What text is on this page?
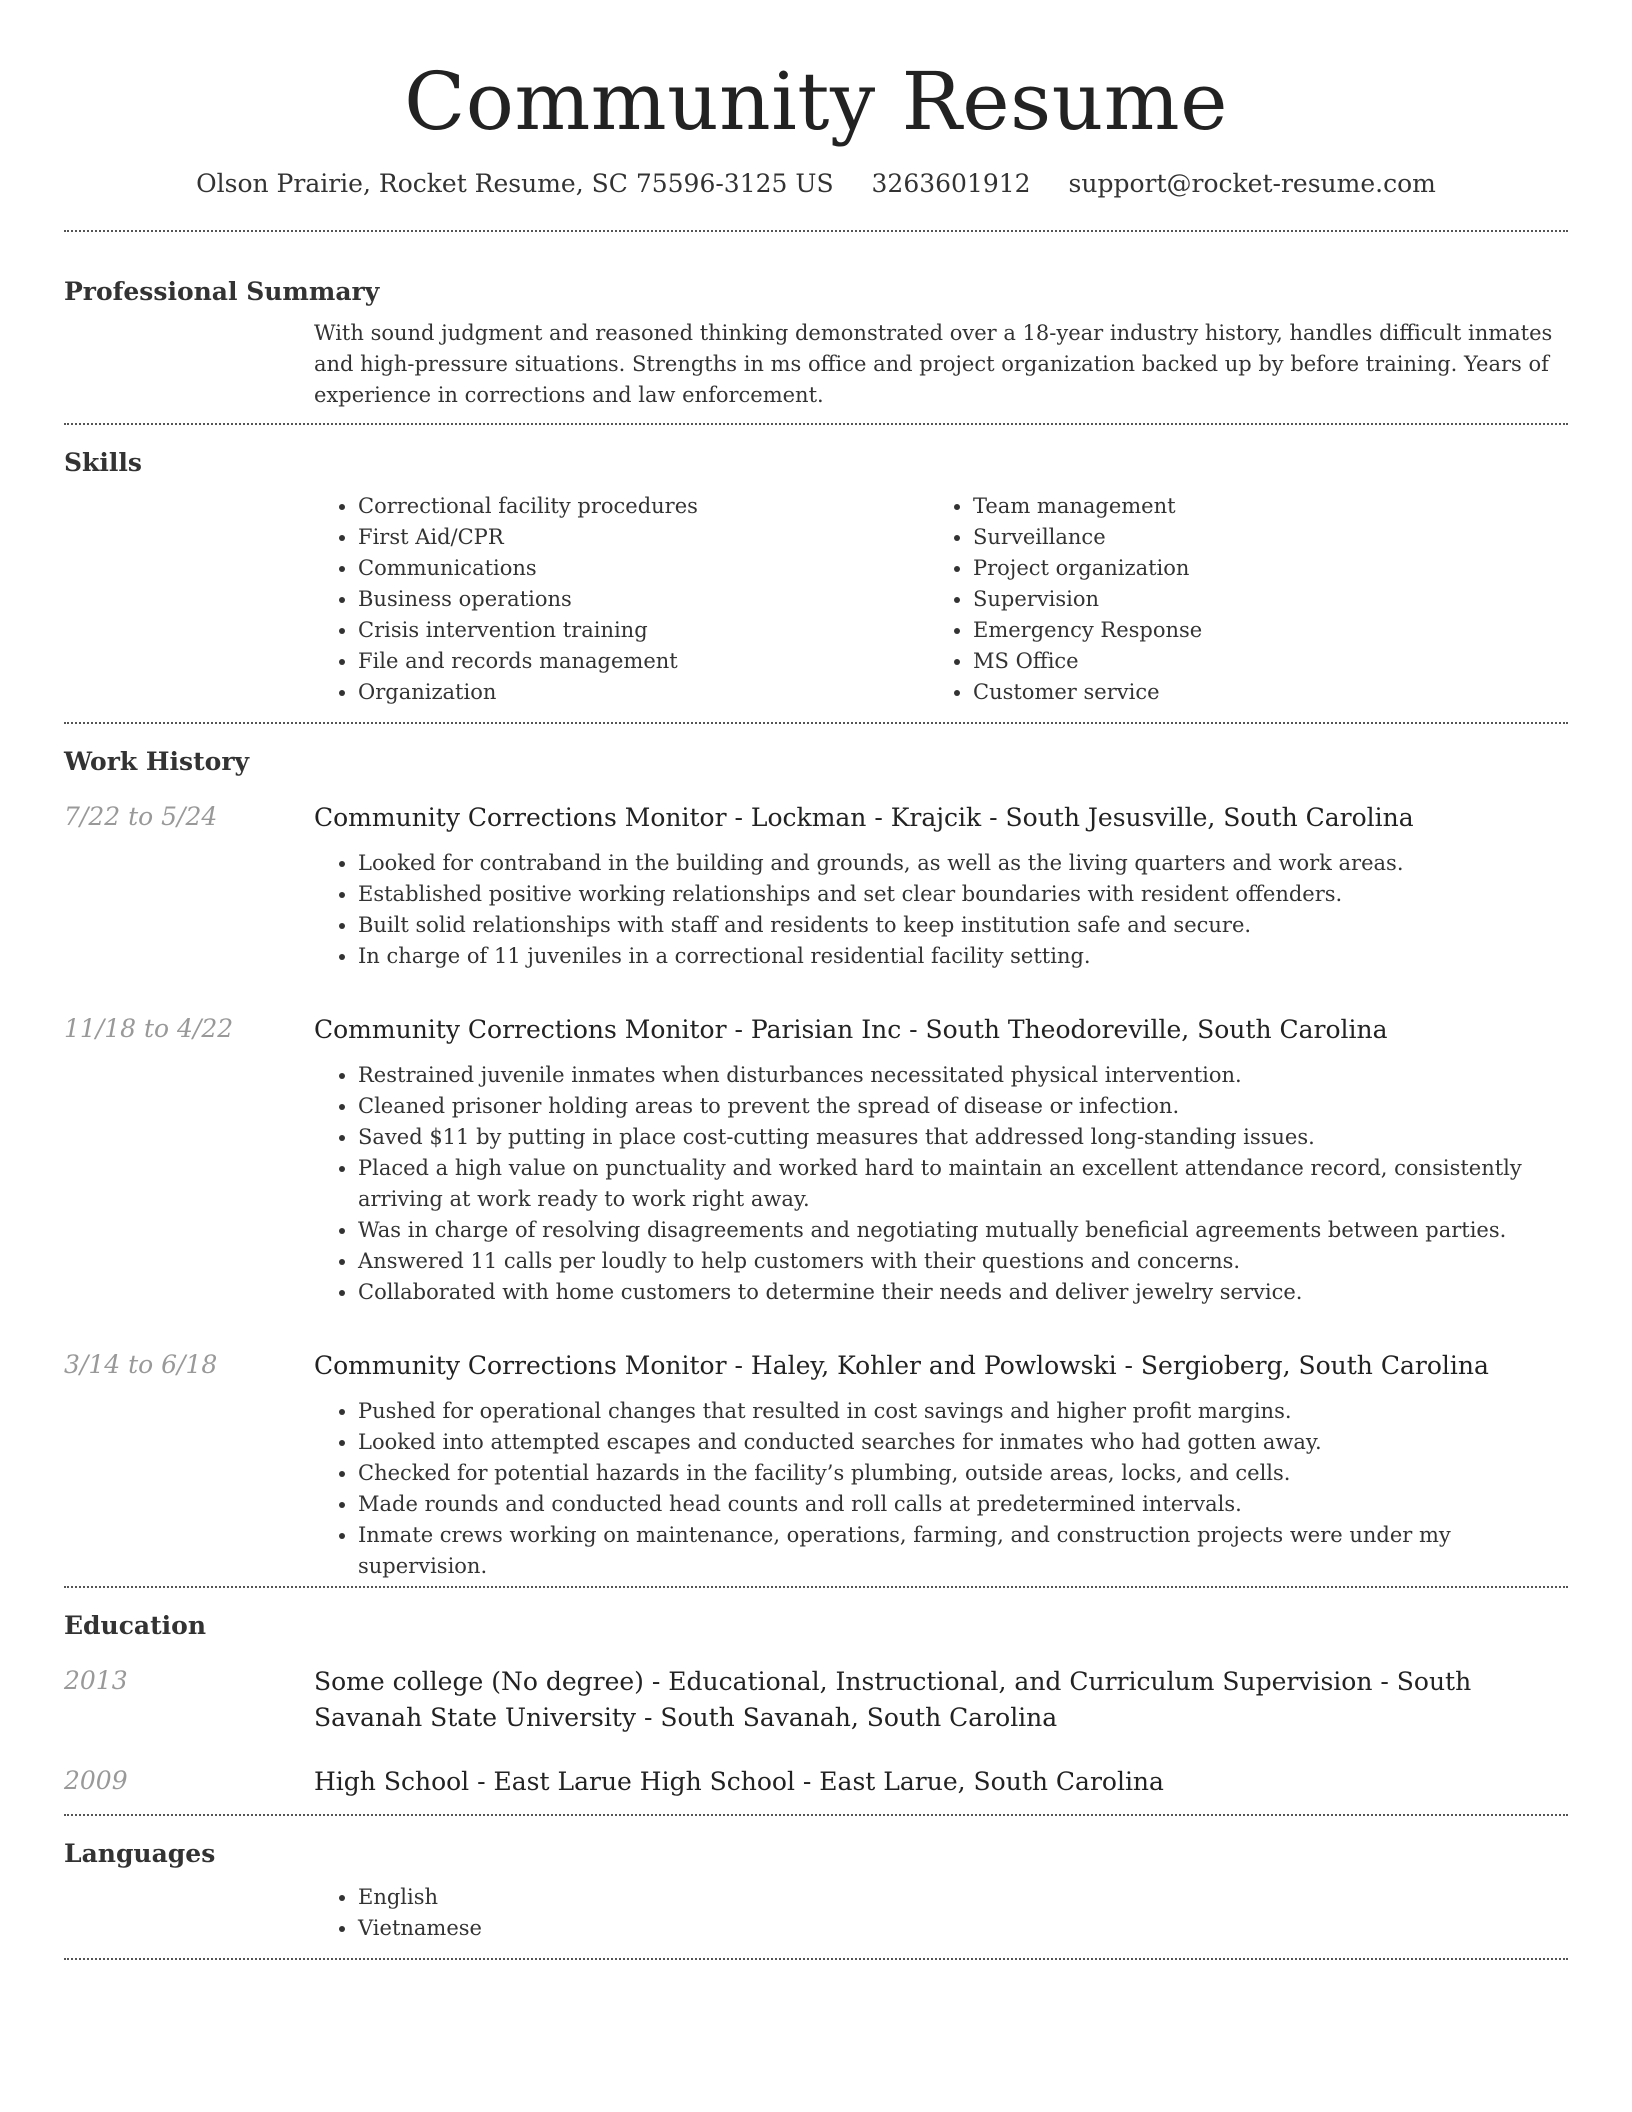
Community Resume
Olson Prairie, Rocket Resume, SC 75596-3125 US 3263601912 support@rocket-resume.com
Professional Summary

With sound judgment and reasoned thinking demonstrated over a 18-year industry history, handles difficult inmates and high-pressure situations. Strengths in ms office and project organization backed up by before training. Years of experience in corrections and law enforcement.

Skills
• Correctional facility procedures
• First Aid/CPR
• Communications
• Business operations
• Crisis intervention training
• File and records management
• Organization
• Team management
• Surveillance
• Project organization
• Supervision
• Emergency Response
• MS Office
• Customer service
Work History
7/22 to 5/24	Community Corrections Monitor - Lockman - Krajcik - South Jesusville, South Carolina
• Looked for contraband in the building and grounds, as well as the living quarters and work areas.
• Established positive working relationships and set clear boundaries with resident offenders.
• Built solid relationships with staff and residents to keep institution safe and secure.
• In charge of 11 juveniles in a correctional residential facility setting.
11/18 to 4/22	Community Corrections Monitor - Parisian Inc - South Theodoreville, South Carolina
• Restrained juvenile inmates when disturbances necessitated physical intervention.
• Cleaned prisoner holding areas to prevent the spread of disease or infection.
• Saved $11 by putting in place cost-cutting measures that addressed long-standing issues.
• Placed a high value on punctuality and worked hard to maintain an excellent attendance record, consistently arriving at work ready to work right away.
• Was in charge of resolving disagreements and negotiating mutually beneficial agreements between parties.
• Answered 11 calls per loudly to help customers with their questions and concerns.
• Collaborated with home customers to determine their needs and deliver jewelry service.
3/14 to 6/18	Community Corrections Monitor - Haley, Kohler and Powlowski - Sergioberg, South Carolina
• Pushed for operational changes that resulted in cost savings and higher profit margins.
• Looked into attempted escapes and conducted searches for inmates who had gotten away.
• Checked for potential hazards in the facility’s plumbing, outside areas, locks, and cells.
• Made rounds and conducted head counts and roll calls at predetermined intervals.
• Inmate crews working on maintenance, operations, farming, and construction projects were under my supervision.
Education
2013	Some college (No degree) - Educational, Instructional, and Curriculum Supervision - South Savanah State University - South Savanah, South Carolina
2009	High School - East Larue High School - East Larue, South Carolina
Languages
• English
• Vietnamese
